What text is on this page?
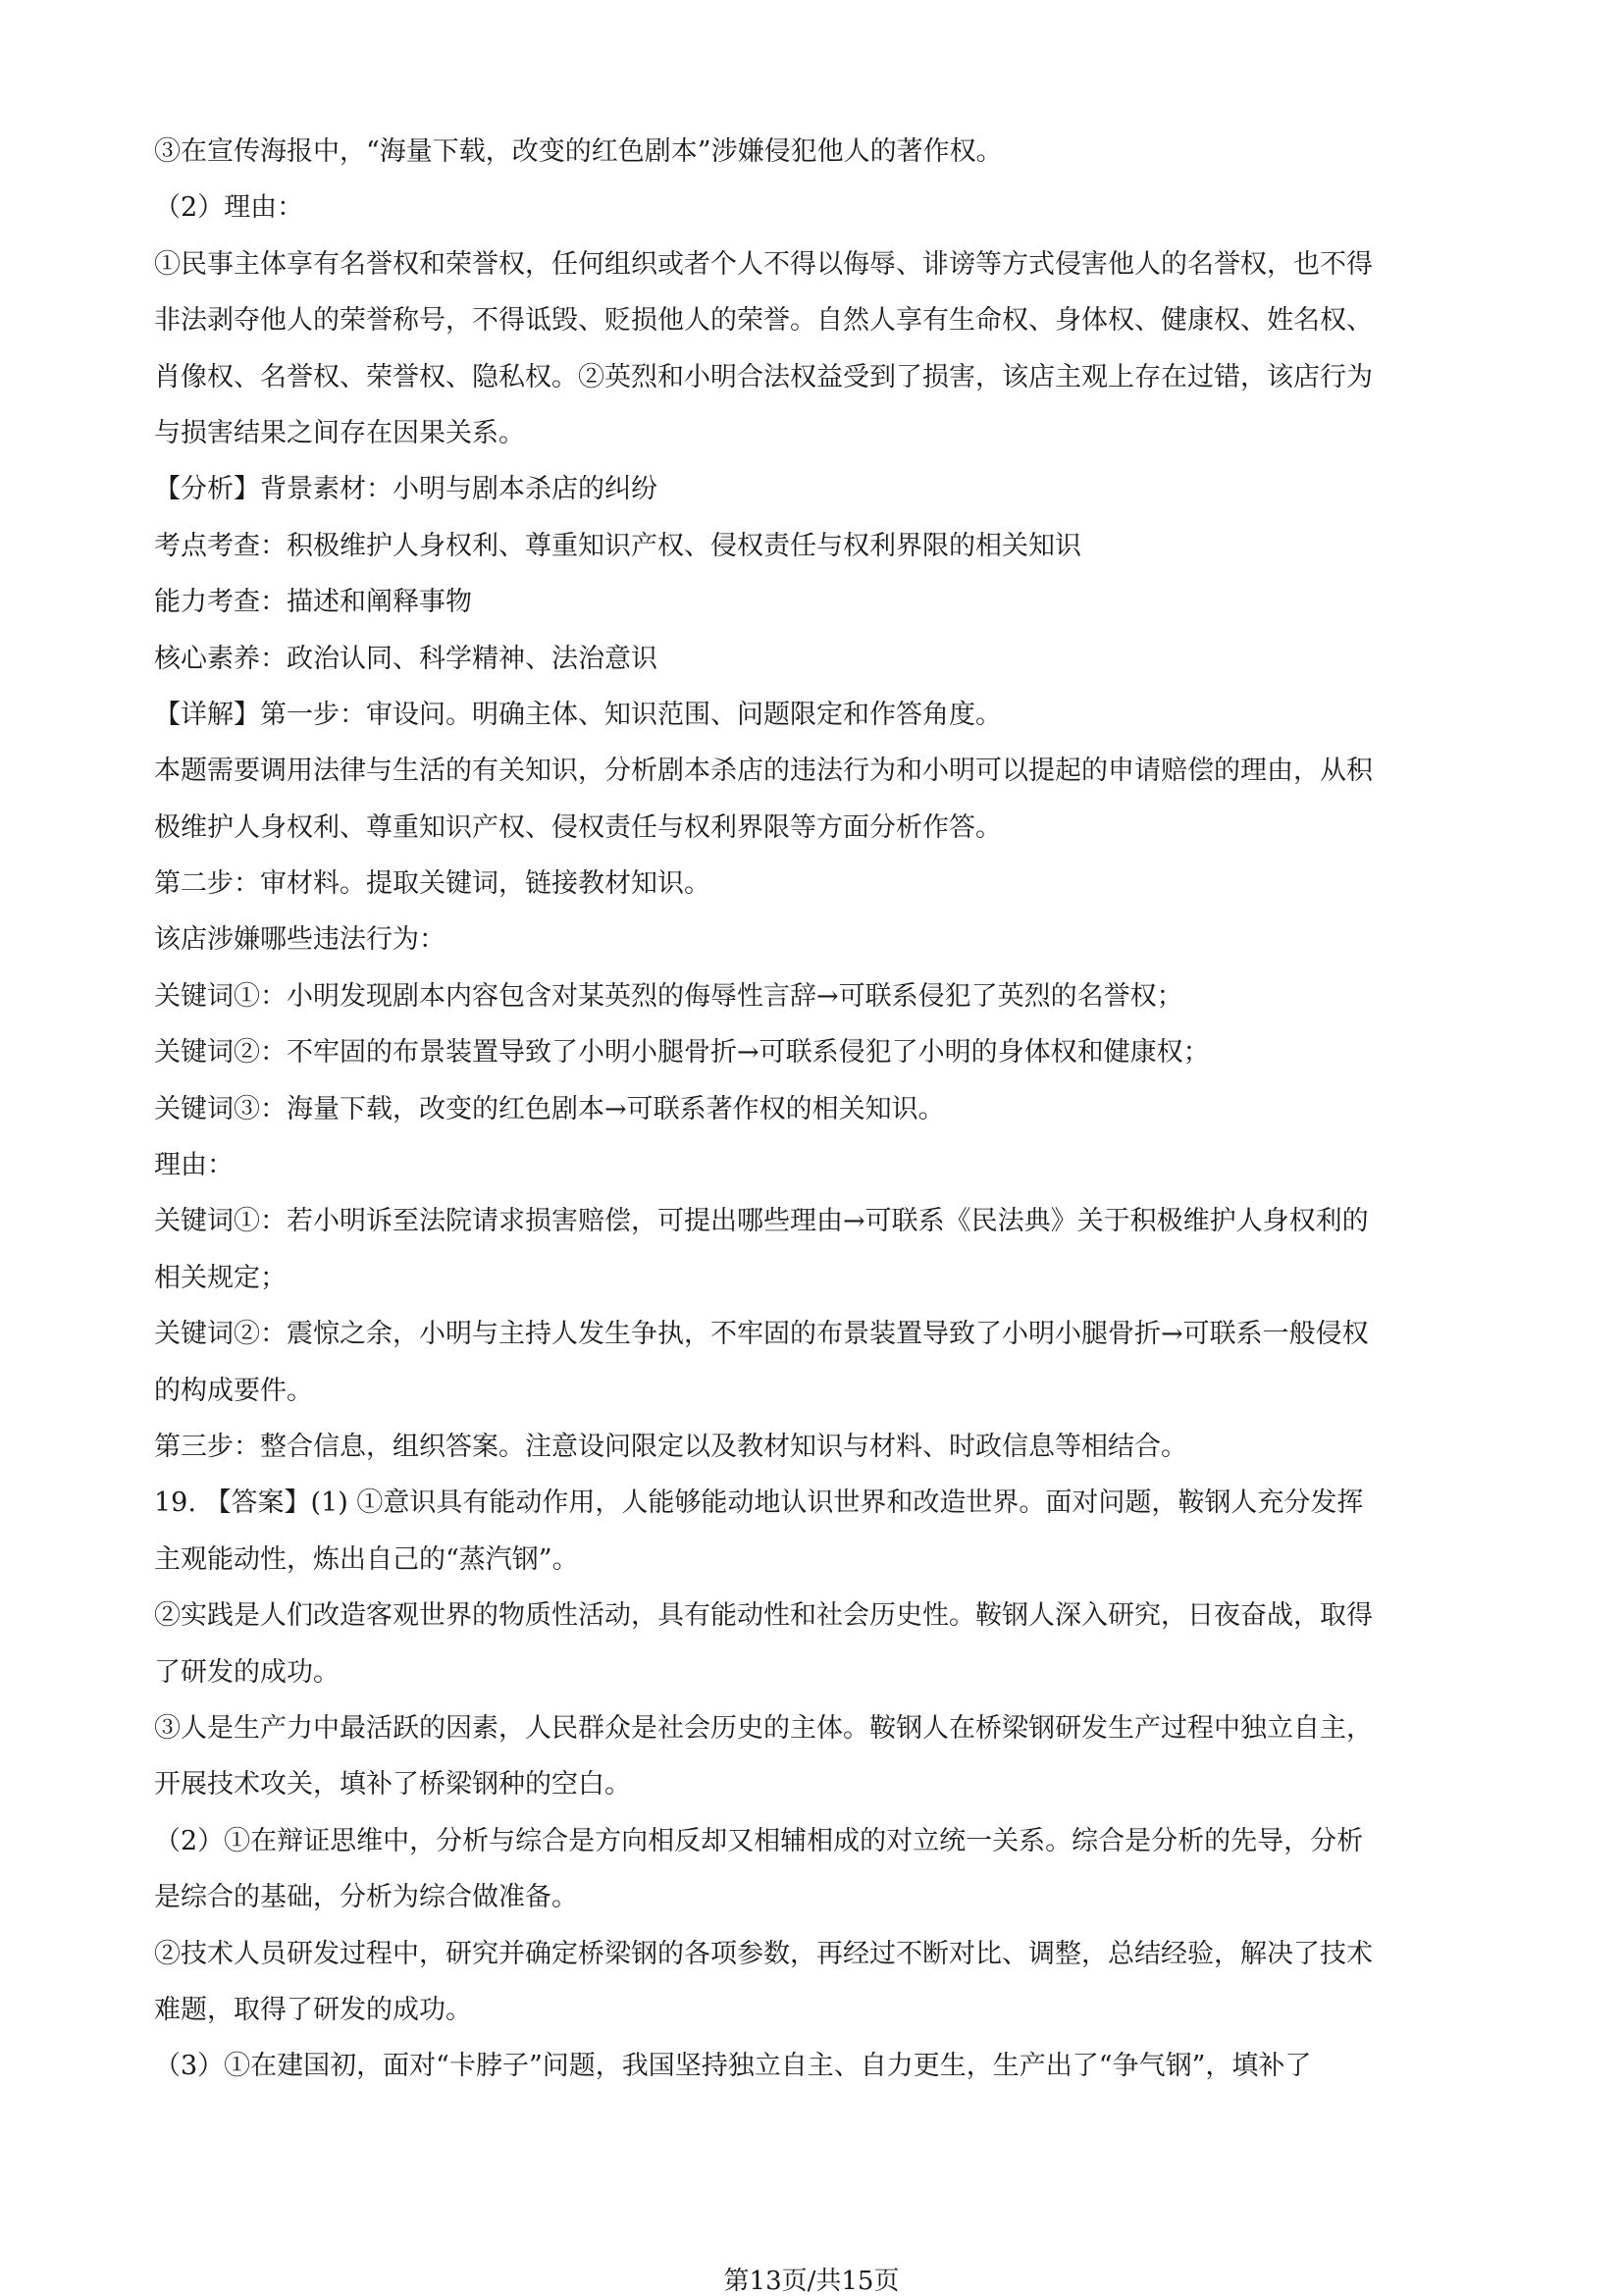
③在宣传海报中，“海量下载，改变的红色剧本”涉嫌侵犯他人的著作权。
（2）理由：
①民事主体享有名誉权和荣誉权，任何组织或者个人不得以侮辱、诽谤等方式侵害他人的名誉权，也不得
非法剥夺他人的荣誉称号，不得诋毁、贬损他人的荣誉。自然人享有生命权、身体权、健康权、姓名权、
肖像权、名誉权、荣誉权、隐私权。②英烈和小明合法权益受到了损害，该店主观上存在过错，该店行为
与损害结果之间存在因果关系。
【分析】背景素材：小明与剧本杀店的纠纷
考点考查：积极维护人身权利、尊重知识产权、侵权责任与权利界限的相关知识
能力考查：描述和阐释事物
核心素养：政治认同、科学精神、法治意识
【详解】第一步：审设问。明确主体、知识范围、问题限定和作答角度。
本题需要调用法律与生活的有关知识，分析剧本杀店的违法行为和小明可以提起的申请赔偿的理由，从积
极维护人身权利、尊重知识产权、侵权责任与权利界限等方面分析作答。
第二步：审材料。提取关键词，链接教材知识。
该店涉嫌哪些违法行为：
关键词①：小明发现剧本内容包含对某英烈的侮辱性言辞→可联系侵犯了英烈的名誉权；
关键词②：不牢固的布景装置导致了小明小腿骨折→可联系侵犯了小明的身体权和健康权；
关键词③：海量下载，改变的红色剧本→可联系著作权的相关知识。
理由：
关键词①：若小明诉至法院请求损害赔偿，可提出哪些理由→可联系《民法典》关于积极维护人身权利的
相关规定；
关键词②：震惊之余，小明与主持人发生争执，不牢固的布景装置导致了小明小腿骨折→可联系一般侵权
的构成要件。
第三步：整合信息，组织答案。注意设问限定以及教材知识与材料、时政信息等相结合。
19. 【答案】(1) ①意识具有能动作用，人能够能动地认识世界和改造世界。面对问题，鞍钢人充分发挥
主观能动性，炼出自己的“蒸汽钢”。
②实践是人们改造客观世界的物质性活动，具有能动性和社会历史性。鞍钢人深入研究，日夜奋战，取得
了研发的成功。
③人是生产力中最活跃的因素，人民群众是社会历史的主体。鞍钢人在桥梁钢研发生产过程中独立自主，
开展技术攻关，填补了桥梁钢种的空白。
（2）①在辩证思维中，分析与综合是方向相反却又相辅相成的对立统一关系。综合是分析的先导，分析
是综合的基础，分析为综合做准备。
②技术人员研发过程中，研究并确定桥梁钢的各项参数，再经过不断对比、调整，总结经验，解决了技术
难题，取得了研发的成功。
（3）①在建国初，面对“卡脖子”问题，我国坚持独立自主、自力更生，生产出了“争气钢”，填补了
第13页/共15页
